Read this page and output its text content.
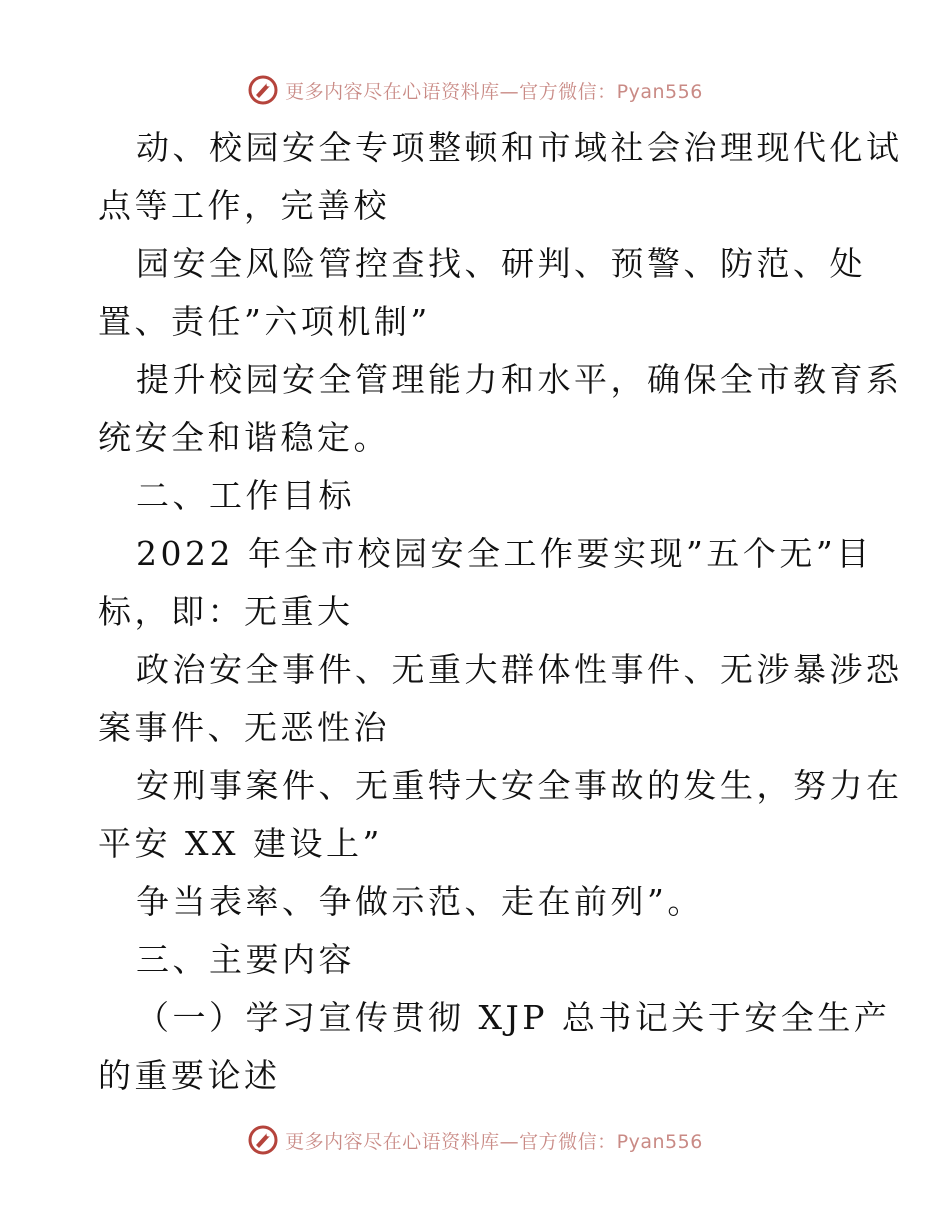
更多内容尽在心语资料库—官方微信：Pyan556
动、校园安全专项整顿和市域社会治理现代化试
点等工作，完善校
园安全风险管控查找、研判、预警、防范、处
置、责任”六项机制”
提升校园安全管理能力和水平，确保全市教育系
统安全和谐稳定。
二、工作目标
2022 年全市校园安全工作要实现”五个无”目
标，即：无重大
政治安全事件、无重大群体性事件、无涉暴涉恐
案事件、无恶性治
安刑事案件、无重特大安全事故的发生，努力在
平安 XX 建设上”
争当表率、争做示范、走在前列”。
三、主要内容
（一）学习宣传贯彻 XJP 总书记关于安全生产
的重要论述
更多内容尽在心语资料库—官方微信：Pyan556
